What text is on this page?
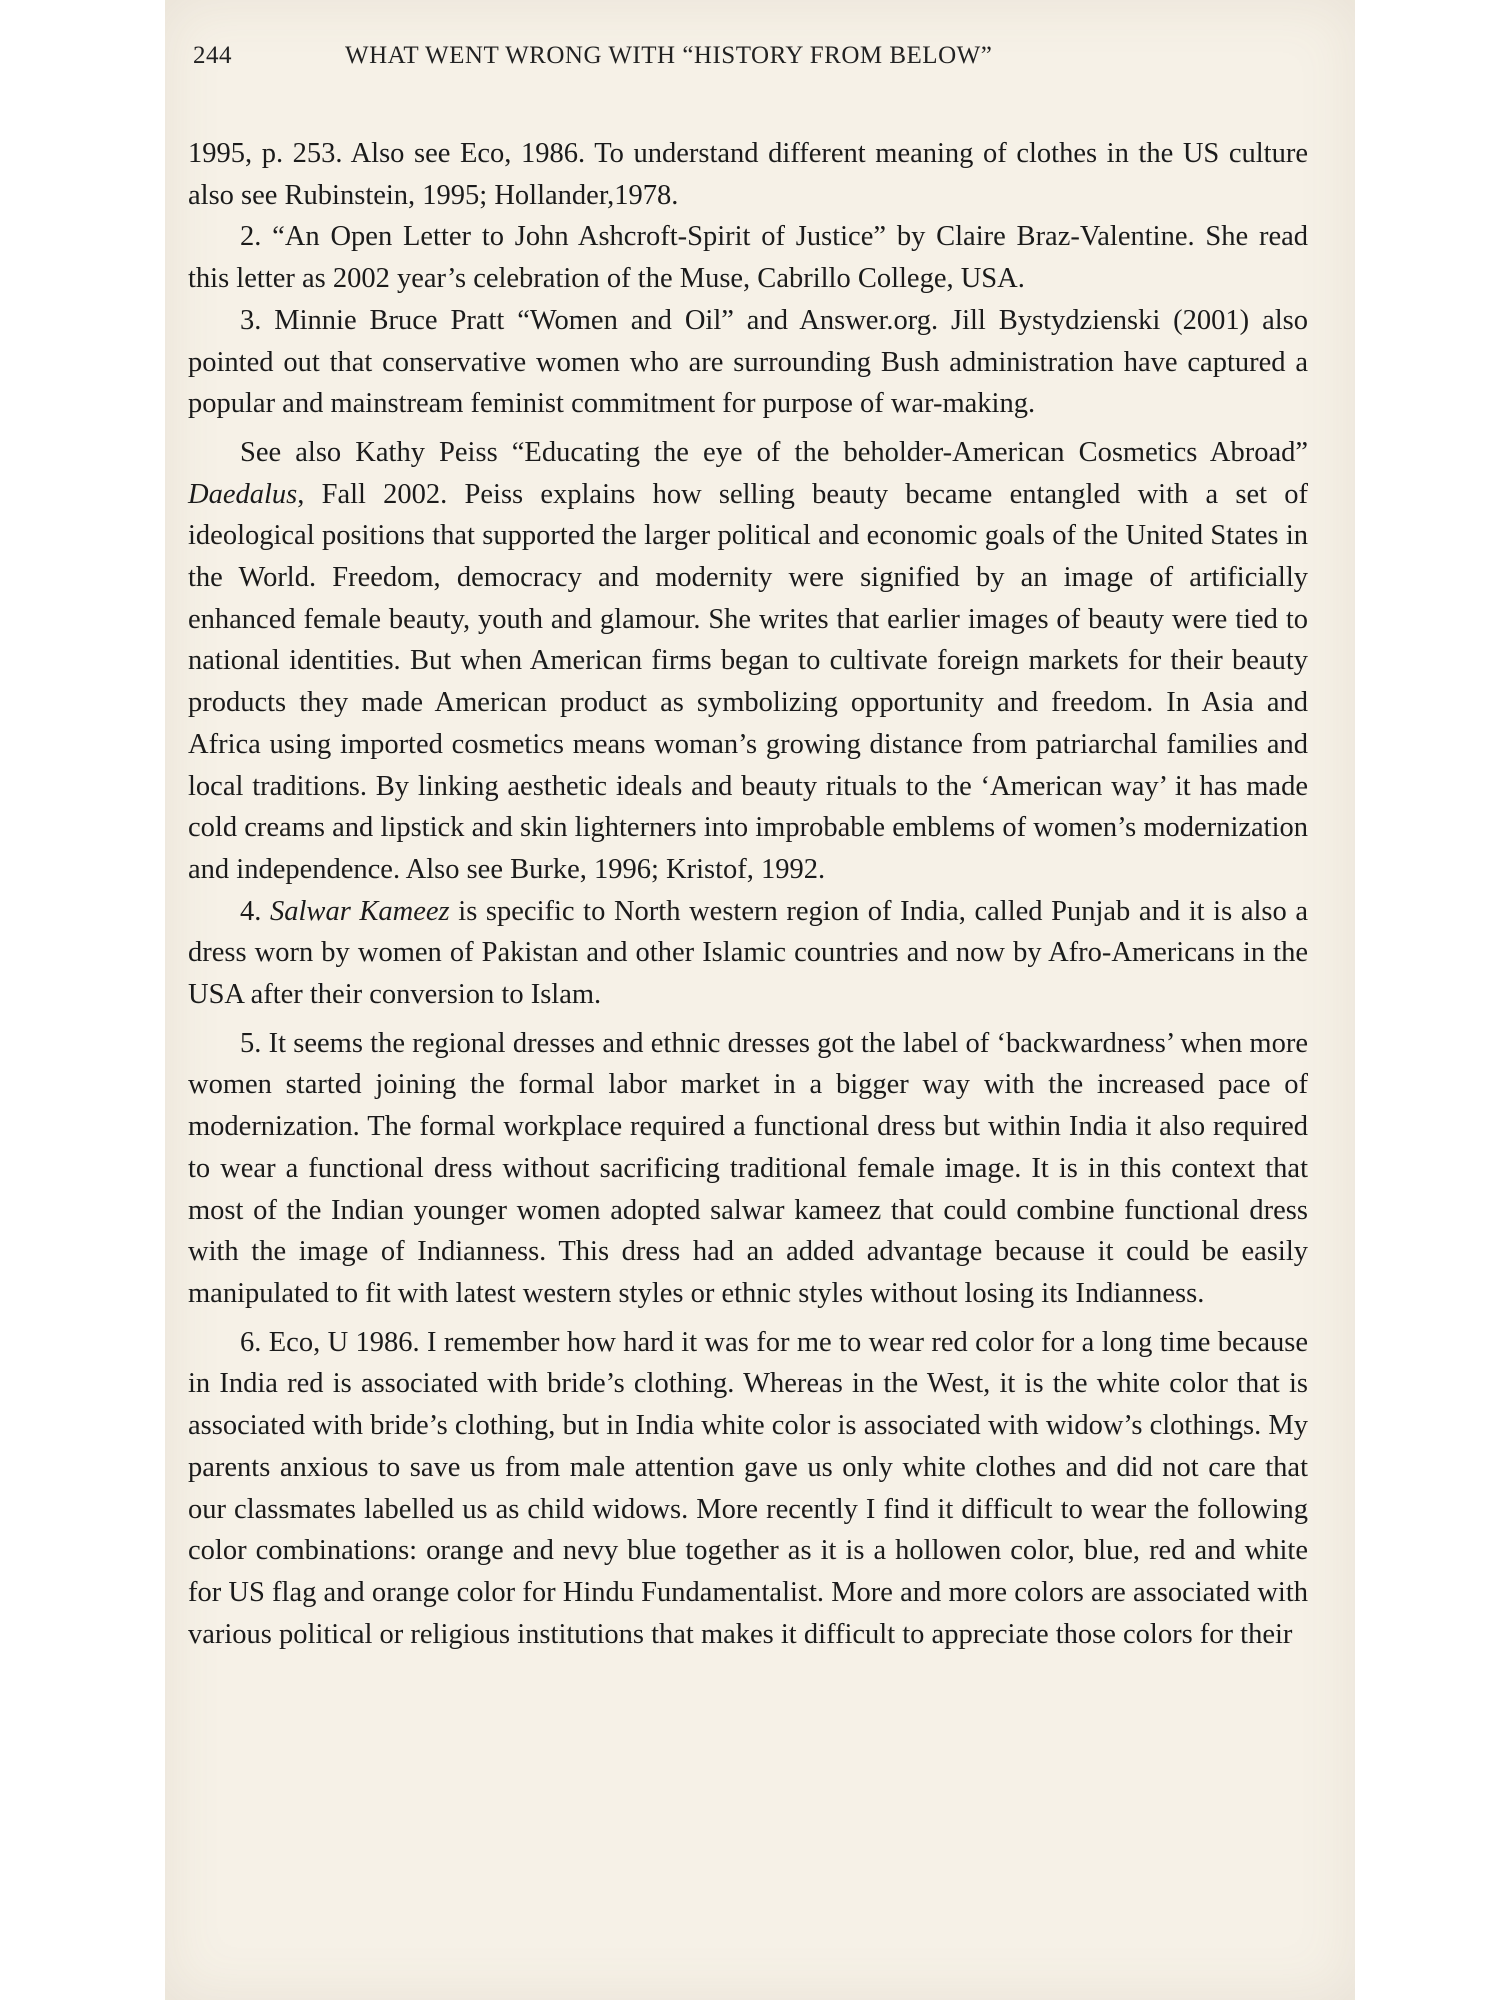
244	WHAT WENT WRONG WITH “HISTORY FROM BELOW”

1995, p. 253. Also see Eco, 1986. To understand different meaning of clothes in the US culture also see Rubinstein, 1995; Hollander,1978.

2. “An Open Letter to John Ashcroft-Spirit of Justice” by Claire Braz-Valentine. She read this letter as 2002 year’s celebration of the Muse, Cabrillo College, USA.

3. Minnie Bruce Pratt “Women and Oil” and Answer.org. Jill Bystydzienski (2001) also pointed out that conservative women who are surrounding Bush administration have captured a popular and mainstream feminist commitment for purpose of war-making.

See also Kathy Peiss “Educating the eye of the beholder-American Cosmetics Abroad” Daedalus, Fall 2002. Peiss explains how selling beauty became entangled with a set of ideological positions that supported the larger political and economic goals of the United States in the World. Freedom, democracy and modernity were signified by an image of artificially enhanced female beauty, youth and glamour. She writes that earlier images of beauty were tied to national identities. But when American firms began to cultivate foreign markets for their beauty products they made American product as symbolizing opportunity and freedom. In Asia and Africa using imported cosmetics means woman’s growing distance from patriarchal families and local traditions. By linking aesthetic ideals and beauty rituals to the ‘American way’ it has made cold creams and lipstick and skin lighterners into improbable emblems of women’s modernization and independence. Also see Burke, 1996; Kristof, 1992.

4. Salwar Kameez is specific to North western region of India, called Punjab and it is also a dress worn by women of Pakistan and other Islamic countries and now by Afro-Americans in the USA after their conversion to Islam.

5. It seems the regional dresses and ethnic dresses got the label of ‘backwardness’ when more women started joining the formal labor market in a bigger way with the increased pace of modernization. The formal workplace required a functional dress but within India it also required to wear a functional dress without sacrificing traditional female image. It is in this context that most of the Indian younger women adopted salwar kameez that could combine functional dress with the image of Indianness. This dress had an added advantage because it could be easily manipulated to fit with latest western styles or ethnic styles without losing its Indianness.

6. Eco, U 1986. I remember how hard it was for me to wear red color for a long time because in India red is associated with bride’s clothing. Whereas in the West, it is the white color that is associated with bride’s clothing, but in India white color is associated with widow’s clothings. My parents anxious to save us from male attention gave us only white clothes and did not care that our classmates labelled us as child widows. More recently I find it difficult to wear the following color combinations: orange and nevy blue together as it is a hollowen color, blue, red and white for US flag and orange color for Hindu Fundamentalist. More and more colors are associated with various political or religious institutions that makes it difficult to appreciate those colors for their
